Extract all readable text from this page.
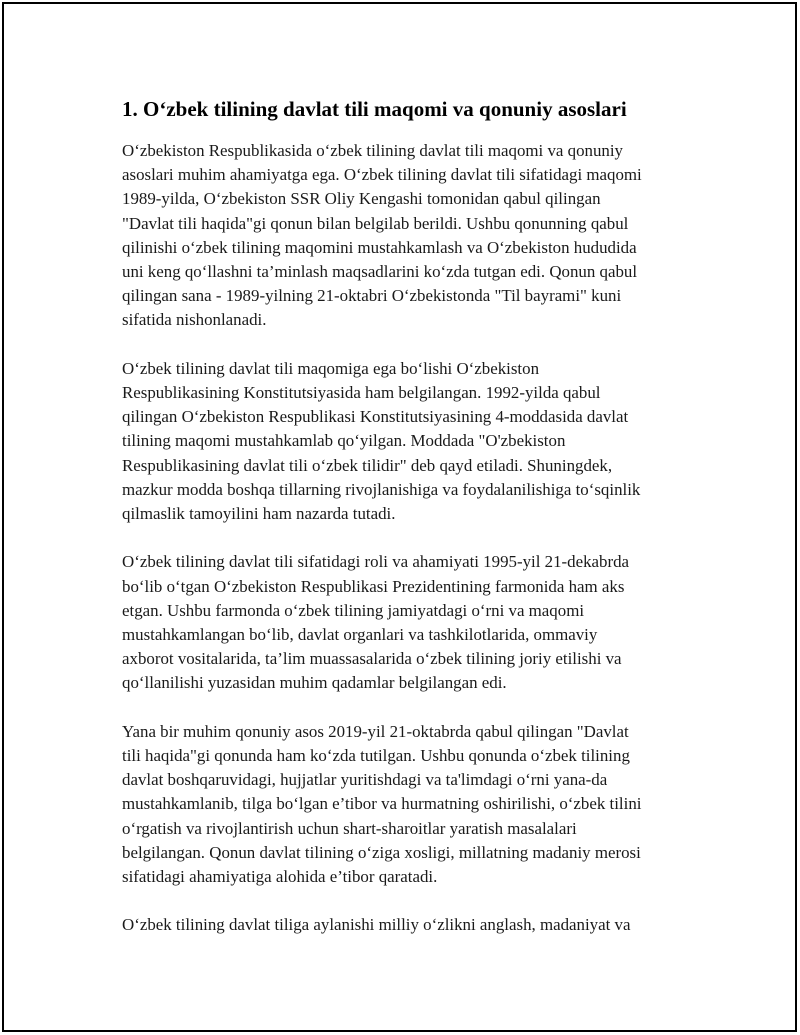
1. O‘zbek tilining davlat tili maqomi va qonuniy asoslari
O‘zbekiston Respublikasida o‘zbek tilining davlat tili maqomi va qonuniy
asoslari muhim ahamiyatga ega. O‘zbek tilining davlat tili sifatidagi maqomi
1989-yilda, O‘zbekiston SSR Oliy Kengashi tomonidan qabul qilingan
"Davlat tili haqida"gi qonun bilan belgilab berildi. Ushbu qonunning qabul
qilinishi o‘zbek tilining maqomini mustahkamlash va O‘zbekiston hududida
uni keng qo‘llashni ta’minlash maqsadlarini ko‘zda tutgan edi. Qonun qabul
qilingan sana - 1989-yilning 21-oktabri O‘zbekistonda "Til bayrami" kuni
sifatida nishonlanadi.
O‘zbek tilining davlat tili maqomiga ega bo‘lishi O‘zbekiston
Respublikasining Konstitutsiyasida ham belgilangan. 1992-yilda qabul
qilingan O‘zbekiston Respublikasi Konstitutsiyasining 4-moddasida davlat
tilining maqomi mustahkamlab qo‘yilgan. Moddada "O'zbekiston
Respublikasining davlat tili o‘zbek tilidir" deb qayd etiladi. Shuningdek,
mazkur modda boshqa tillarning rivojlanishiga va foydalanilishiga to‘sqinlik
qilmaslik tamoyilini ham nazarda tutadi.
O‘zbek tilining davlat tili sifatidagi roli va ahamiyati 1995-yil 21-dekabrda
bo‘lib o‘tgan O‘zbekiston Respublikasi Prezidentining farmonida ham aks
etgan. Ushbu farmonda o‘zbek tilining jamiyatdagi o‘rni va maqomi
mustahkamlangan bo‘lib, davlat organlari va tashkilotlarida, ommaviy
axborot vositalarida, ta’lim muassasalarida o‘zbek tilining joriy etilishi va
qo‘llanilishi yuzasidan muhim qadamlar belgilangan edi.
Yana bir muhim qonuniy asos 2019-yil 21-oktabrda qabul qilingan "Davlat
tili haqida"gi qonunda ham ko‘zda tutilgan. Ushbu qonunda o‘zbek tilining
davlat boshqaruvidagi, hujjatlar yuritishdagi va ta'limdagi o‘rni yana-da
mustahkamlanib, tilga bo‘lgan e’tibor va hurmatning oshirilishi, o‘zbek tilini
o‘rgatish va rivojlantirish uchun shart-sharoitlar yaratish masalalari
belgilangan. Qonun davlat tilining o‘ziga xosligi, millatning madaniy merosi
sifatidagi ahamiyatiga alohida e’tibor qaratadi.
O‘zbek tilining davlat tiliga aylanishi milliy o‘zlikni anglash, madaniyat va
